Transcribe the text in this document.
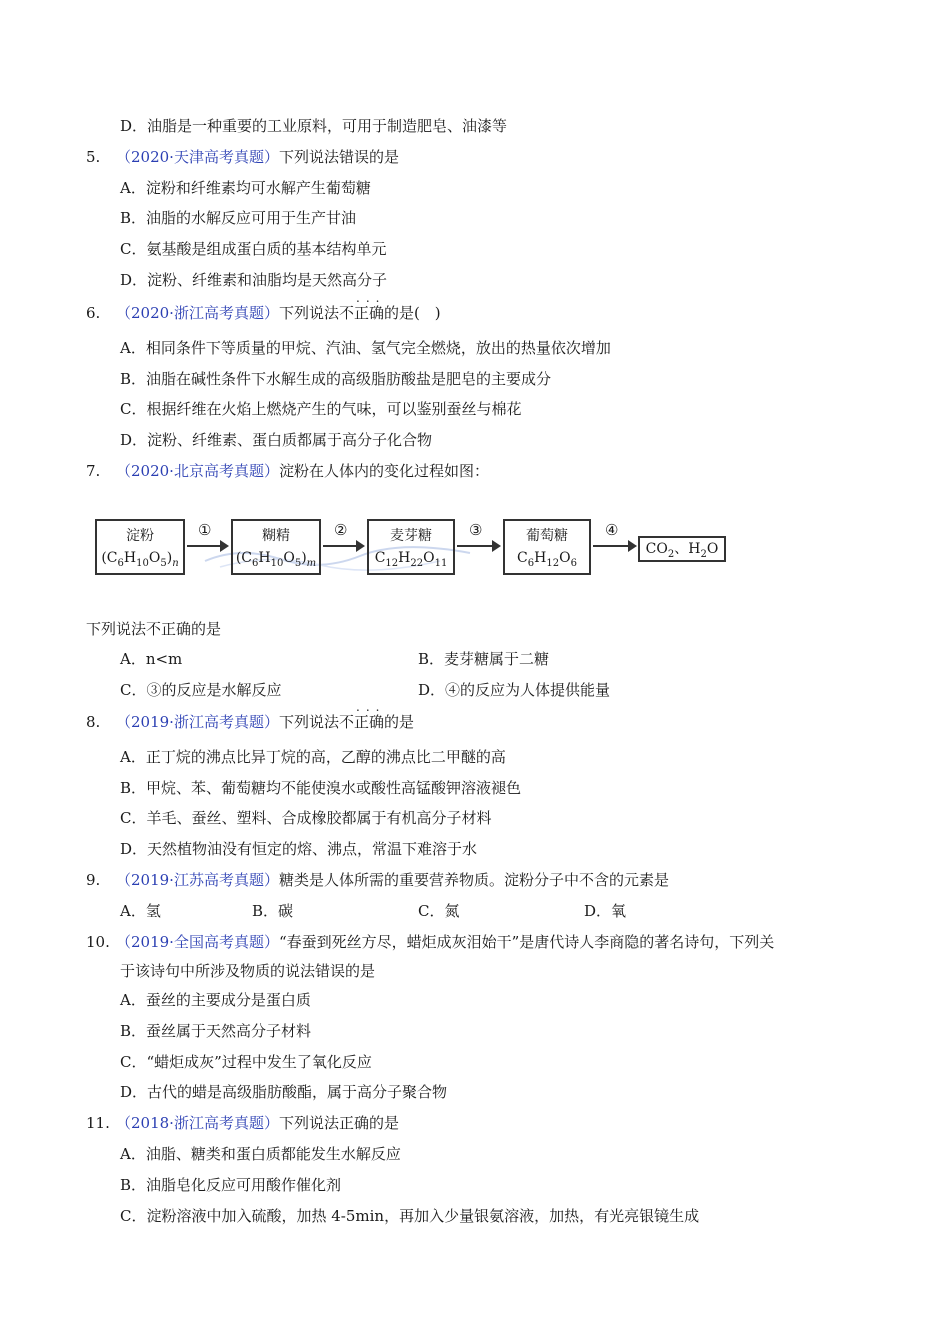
D．油脂是一种重要的工业原料，可用于制造肥皂、油漆等
5. （2020·天津高考真题）下列说法错误的是
A．淀粉和纤维素均可水解产生葡萄糖
B．油脂的水解反应可用于生产甘油
C．氨基酸是组成蛋白质的基本结构单元
D．淀粉、纤维素和油脂均是天然高分子
...
6. （2020·浙江高考真题）下列说法不正确的是(　)
A．相同条件下等质量的甲烷、汽油、氢气完全燃烧，放出的热量依次增加
B．油脂在碱性条件下水解生成的高级脂肪酸盐是肥皂的主要成分
C．根据纤维在火焰上燃烧产生的气味，可以鉴别蚕丝与棉花
D．淀粉、纤维素、蛋白质都属于高分子化合物
7. （2020·北京高考真题）淀粉在人体内的变化过程如图：
淀粉
$(C_6H_{10}O_5)_n$
①	糊精
$(C_6H_{10}O_5)_m$
②	麦芽糖
$C_{12}H_{22}O_{11}$
③	葡萄糖
$C_6H_{12}O_6$
④
$CO_2$、$H_2O$
下列说法不正确的是
A．n<m	B．麦芽糖属于二糖
C．③的反应是水解反应	D．④的反应为人体提供能量
...
8. （2019·浙江高考真题）下列说法不正确的是
A．正丁烷的沸点比异丁烷的高，乙醇的沸点比二甲醚的高
B．甲烷、苯、葡萄糖均不能使溴水或酸性高锰酸钾溶液褪色
C．羊毛、蚕丝、塑料、合成橡胶都属于有机高分子材料
D．天然植物油没有恒定的熔、沸点，常温下难溶于水
9. （2019·江苏高考真题）糖类是人体所需的重要营养物质。淀粉分子中不含的元素是
A．氢	B．碳	C．氮	D．氧
10. （2019·全国高考真题）“春蚕到死丝方尽，蜡炬成灰泪始干”是唐代诗人李商隐的著名诗句，下列关
于该诗句中所涉及物质的说法错误的是
A．蚕丝的主要成分是蛋白质
B．蚕丝属于天然高分子材料
C．“蜡炬成灰”过程中发生了氧化反应
D．古代的蜡是高级脂肪酸酯，属于高分子聚合物
11. （2018·浙江高考真题）下列说法正确的是
A．油脂、糖类和蛋白质都能发生水解反应
B．油脂皂化反应可用酸作催化剂
C．淀粉溶液中加入硫酸，加热 4-5min，再加入少量银氨溶液，加热，有光亮银镜生成
